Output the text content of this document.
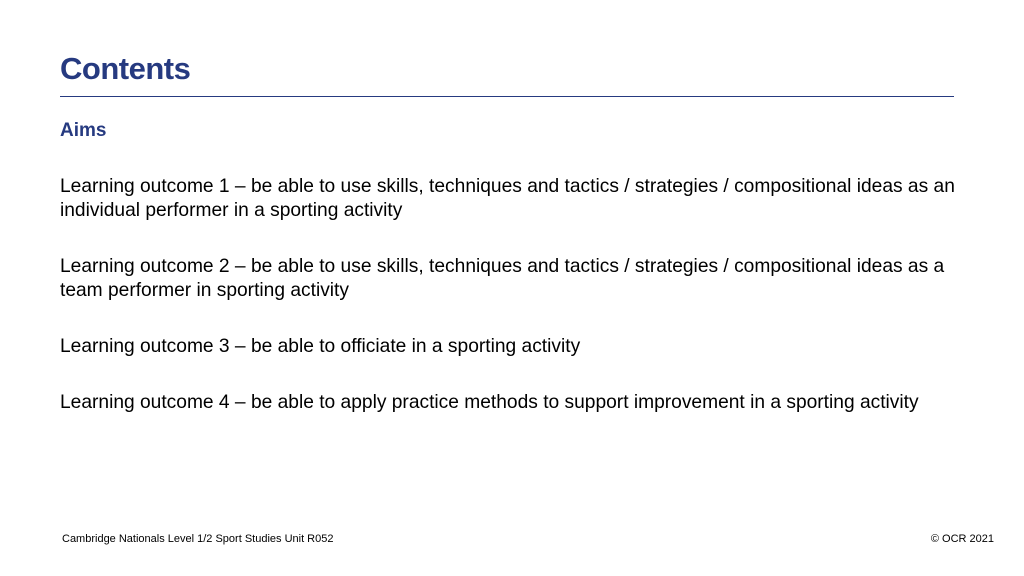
Contents
Aims
Learning outcome 1 – be able to use skills, techniques and tactics / strategies / compositional ideas as an individual performer in a sporting activity
Learning outcome 2 – be able to use skills, techniques and tactics / strategies / compositional ideas as a team performer in sporting activity
Learning outcome 3 – be able to officiate in a sporting activity
Learning outcome 4 – be able to apply practice methods to support improvement in a sporting activity
Cambridge Nationals Level 1/2 Sport Studies Unit R052	© OCR 2021
